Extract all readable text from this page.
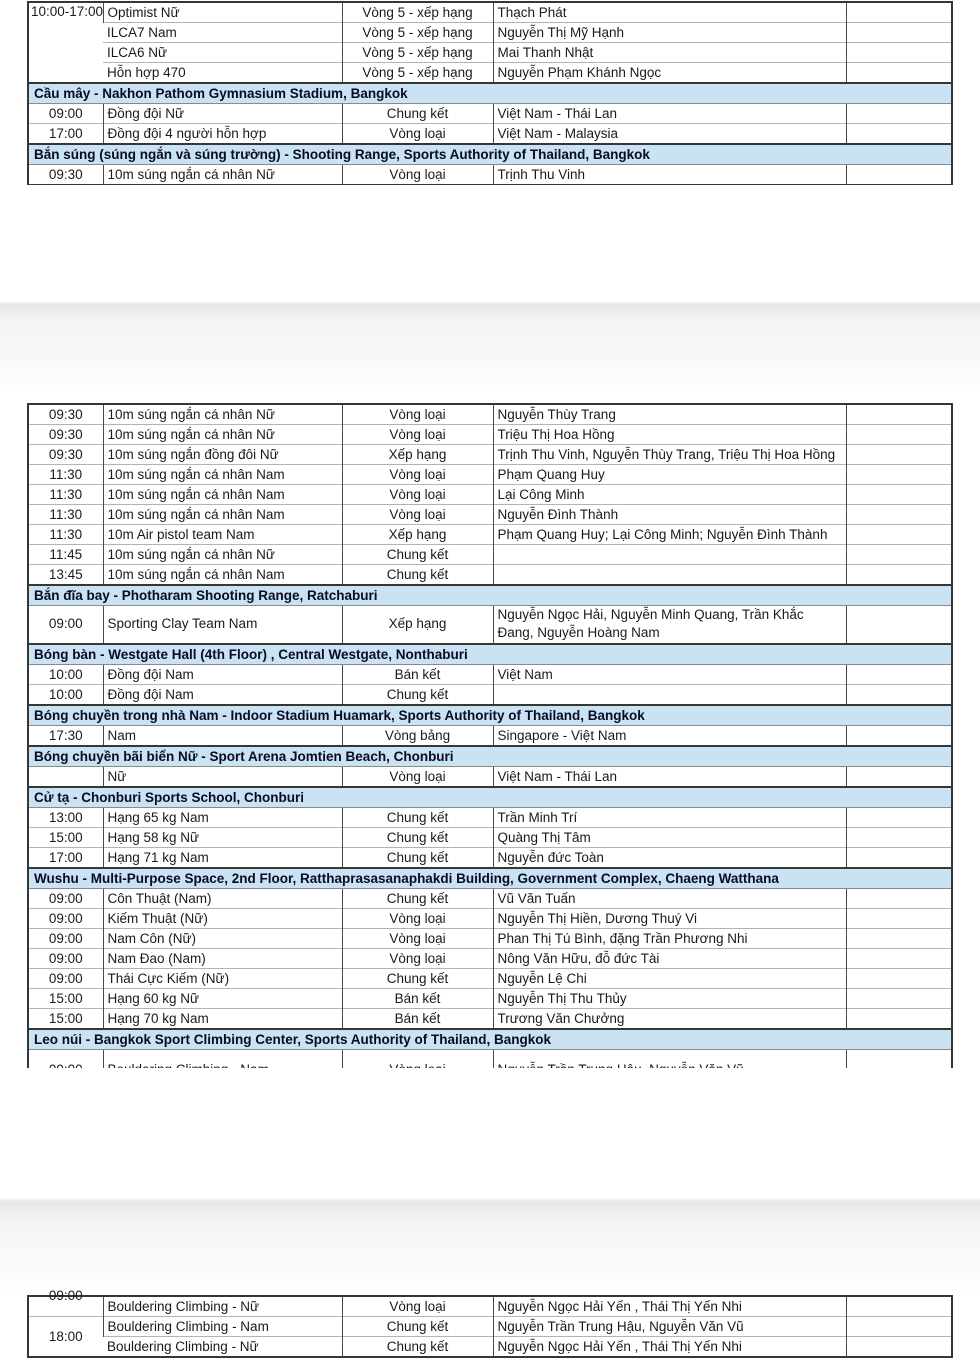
10:00-17:00	Optimist Nữ	Vòng 5 - xếp hạng	Thạch Phát	
	ILCA7 Nam	Vòng 5 - xếp hạng	Nguyễn Thị Mỹ Hạnh	
	ILCA6 Nữ	Vòng 5 - xếp hạng	Mai Thanh Nhật	
	Hỗn hợp 470	Vòng 5 - xếp hạng	Nguyễn Phạm Khánh Ngọc	
Cầu mây - Nakhon Pathom Gymnasium Stadium, Bangkok				
09:00	Đồng đội Nữ	Chung kết	Việt Nam - Thái Lan	
17:00	Đồng đội 4 người hỗn hợp	Vòng loại	Việt Nam - Malaysia	
Bắn súng (súng ngắn và súng trường) - Shooting Range, Sports Authority of Thailand, Bangkok				
09:30	10m súng ngắn cá nhân Nữ	Vòng loại	Trịnh Thu Vinh	
09:30	10m súng ngắn cá nhân Nữ	Vòng loại	Nguyễn Thùy Trang	
09:30	10m súng ngắn cá nhân Nữ	Vòng loại	Triệu Thị Hoa Hồng	
09:30	10m súng ngắn đồng đôi Nữ	Xếp hạng	Trịnh Thu Vinh, Nguyễn Thùy Trang, Triệu Thị Hoa Hồng	
11:30	10m súng ngắn cá nhân Nam	Vòng loại	Phạm Quang Huy	
11:30	10m súng ngắn cá nhân Nam	Vòng loại	Lại Công Minh	
11:30	10m súng ngắn cá nhân Nam	Vòng loại	Nguyễn Đình Thành	
11:30	10m Air pistol team Nam	Xếp hạng	Phạm Quang Huy; Lại Công Minh; Nguyễn Đình Thành	
11:45	10m súng ngắn cá nhân Nữ	Chung kết		
13:45	10m súng ngắn cá nhân Nam	Chung kết		
Bắn đĩa bay - Photharam Shooting Range, Ratchaburi				
09:00	Sporting Clay Team Nam	Xếp hạng	Nguyễn Ngọc Hải, Nguyễn Minh Quang, Trần Khắc Đang, Nguyễn Hoàng Nam	
Bóng bàn - Westgate Hall (4th Floor) , Central Westgate, Nonthaburi				
10:00	Đồng đội Nam	Bán kết	Việt Nam	
10:00	Đồng đội Nam	Chung kết		
Bóng chuyền trong nhà Nam - Indoor Stadium Huamark, Sports Authority of Thailand, Bangkok				
17:30	Nam	Vòng bảng	Singapore - Việt Nam	
Bóng chuyền bãi biển Nữ - Sport Arena Jomtien Beach, Chonburi				
	Nữ	Vòng loại	Việt Nam - Thái Lan	
Cử tạ - Chonburi Sports School, Chonburi				
13:00	Hạng 65 kg Nam	Chung kết	Trần Minh Trí	
15:00	Hạng 58 kg Nữ	Chung kết	Quàng Thị Tâm	
17:00	Hạng 71 kg Nam	Chung kết	Nguyễn đức Toàn	
Wushu - Multi-Purpose Space, 2nd Floor, Ratthaprasasanaphakdi Building, Government Complex, Chaeng Watthana				
09:00	Côn Thuật (Nam)	Chung kết	Vũ Văn Tuấn	
09:00	Kiếm Thuật (Nữ)	Vòng loại	Nguyễn Thị Hiền, Dương Thuý Vi	
09:00	Nam Côn (Nữ)	Vòng loại	Phan Thị Tú Bình, đặng Trần Phương Nhi	
09:00	Nam Đao (Nam)	Vòng loại	Nông Văn Hữu, đỗ đức Tài	
09:00	Thái Cực Kiếm (Nữ)	Chung kết	Nguyễn Lệ Chi	
15:00	Hạng 60 kg Nữ	Bán kết	Nguyễn Thị Thu Thủy	
15:00	Hạng 70 kg Nam	Bán kết	Trương Văn Chưởng	
Leo núi - Bangkok Sport Climbing Center, Sports Authority of Thailand, Bangkok				

09:00	Bouldering Climbing - Nữ	Vòng loại	Nguyễn Ngọc Hải Yến , Thái Thị Yến Nhi	
18:00	Bouldering Climbing - Nam	Chung kết	Nguyễn Trần Trung Hậu, Nguyễn Văn Vũ	
	Bouldering Climbing - Nữ	Chung kết	Nguyễn Ngọc Hải Yến , Thái Thị Yến Nhi	
